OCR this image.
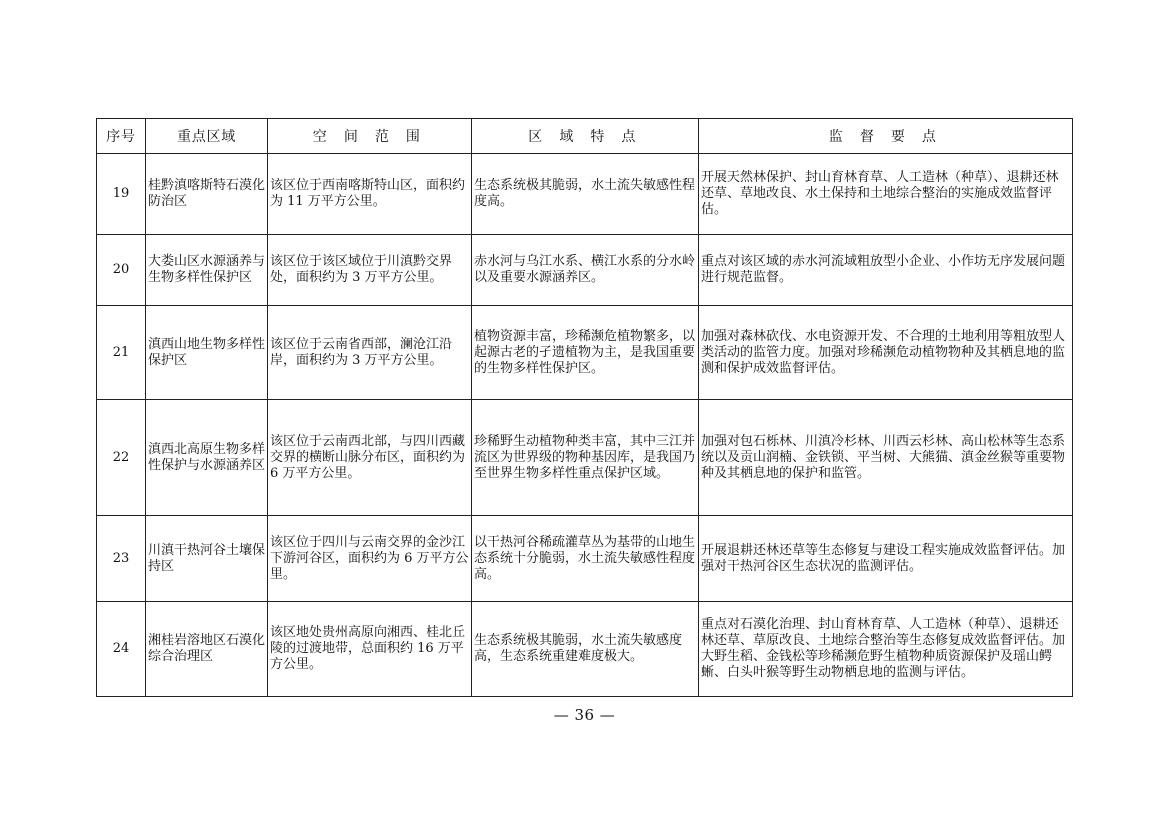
序号	重点区域	空 间 范 围	区 域 特 点	监 督 要 点
19	桂黔滇喀斯特石漠化防治区	该区位于西南喀斯特山区，面积约为 11 万平方公里。	生态系统极其脆弱，水土流失敏感性程度高。	开展天然林保护、封山育林育草、人工造林（种草）、退耕还林还草、草地改良、水土保持和土地综合整治的实施成效监督评估。
20	大娄山区水源涵养与生物多样性保护区	该区位于该区域位于川滇黔交界处，面积约为 3 万平方公里。	赤水河与乌江水系、横江水系的分水岭以及重要水源涵养区。	重点对该区域的赤水河流域粗放型小企业、小作坊无序发展问题进行规范监督。
21	滇西山地生物多样性保护区	该区位于云南省西部，澜沧江沿岸，面积约为 3 万平方公里。	植物资源丰富，珍稀濒危植物繁多，以起源古老的孑遗植物为主，是我国重要的生物多样性保护区。	加强对森林砍伐、水电资源开发、不合理的土地利用等粗放型人类活动的监管力度。加强对珍稀濒危动植物物种及其栖息地的监测和保护成效监督评估。
22	滇西北高原生物多样性保护与水源涵养区	该区位于云南西北部，与四川西藏交界的横断山脉分布区，面积约为 6 万平方公里。	珍稀野生动植物种类丰富，其中三江并流区为世界级的物种基因库，是我国乃至世界生物多样性重点保护区域。	加强对包石栎林、川滇冷杉林、川西云杉林、高山松林等生态系统以及贡山润楠、金铁锁、平当树、大熊猫、滇金丝猴等重要物种及其栖息地的保护和监管。
23	川滇干热河谷土壤保持区	该区位于四川与云南交界的金沙江下游河谷区，面积约为 6 万平方公里。	以干热河谷稀疏灌草丛为基带的山地生态系统十分脆弱，水土流失敏感性程度高。	开展退耕还林还草等生态修复与建设工程实施成效监督评估。加强对干热河谷区生态状况的监测评估。
24	湘桂岩溶地区石漠化综合治理区	该区地处贵州高原向湘西、桂北丘陵的过渡地带，总面积约 16 万平方公里。	生态系统极其脆弱，水土流失敏感度高，生态系统重建难度极大。	重点对石漠化治理、封山育林育草、人工造林（种草）、退耕还林还草、草原改良、土地综合整治等生态修复成效监督评估。加大野生稻、金钱松等珍稀濒危野生植物种质资源保护及瑶山鳄蜥、白头叶猴等野生动物栖息地的监测与评估。
— 36 —
